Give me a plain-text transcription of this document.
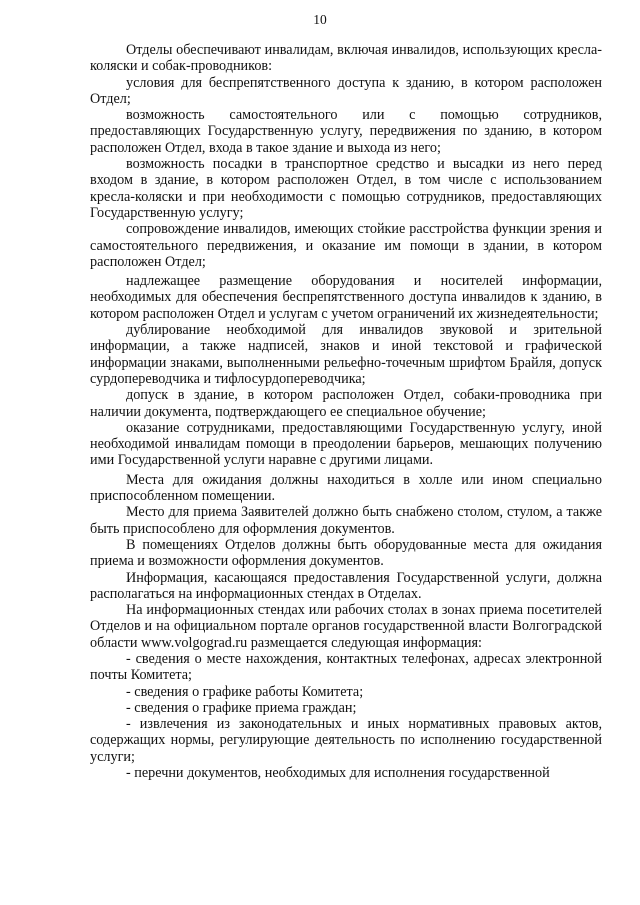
10

Отделы обеспечивают инвалидам, включая инвалидов, использующих кресла-коляски и собак-проводников:

условия для беспрепятственного доступа к зданию, в котором расположен Отдел;

возможность самостоятельного или с помощью сотрудников, предоставляющих Государственную услугу, передвижения по зданию, в котором расположен Отдел, входа в такое здание и выхода из него;

возможность посадки в транспортное средство и высадки из него перед входом в здание, в котором расположен Отдел, в том числе с использованием кресла-коляски и при необходимости с помощью сотрудников, предоставляющих Государственную услугу;

сопровождение инвалидов, имеющих стойкие расстройства функции зрения и самостоятельного передвижения, и оказание им помощи в здании, в котором расположен Отдел;

надлежащее размещение оборудования и носителей информации, необходимых для обеспечения беспрепятственного доступа инвалидов к зданию, в котором расположен Отдел и услугам с учетом ограничений их жизнедеятельности;

дублирование необходимой для инвалидов звуковой и зрительной информации, а также надписей, знаков и иной текстовой и графической информации знаками, выполненными рельефно-точечным шрифтом Брайля, допуск сурдопереводчика и тифлосурдопереводчика;

допуск в здание, в котором расположен Отдел, собаки-проводника при наличии документа, подтверждающего ее специальное обучение;

оказание сотрудниками, предоставляющими Государственную услугу, иной необходимой инвалидам помощи в преодолении барьеров, мешающих получению ими Государственной услуги наравне с другими лицами.

Места для ожидания должны находиться в холле или ином специально приспособленном помещении.

Место для приема Заявителей должно быть снабжено столом, стулом, а также быть приспособлено для оформления документов.

В помещениях Отделов должны быть оборудованные места для ожидания приема и возможности оформления документов.

Информация, касающаяся предоставления Государственной услуги, должна располагаться на информационных стендах в Отделах.

На информационных стендах или рабочих столах в зонах приема посетителей Отделов и на официальном портале органов государственной власти Волгоградской области www.volgograd.ru размещается следующая информация:

- сведения о месте нахождения, контактных телефонах, адресах электронной почты Комитета;

- сведения о графике работы Комитета;

- сведения о графике приема граждан;

- извлечения из законодательных и иных нормативных правовых актов, содержащих нормы, регулирующие деятельность по исполнению государственной услуги;

- перечни документов, необходимых для исполнения государственной
